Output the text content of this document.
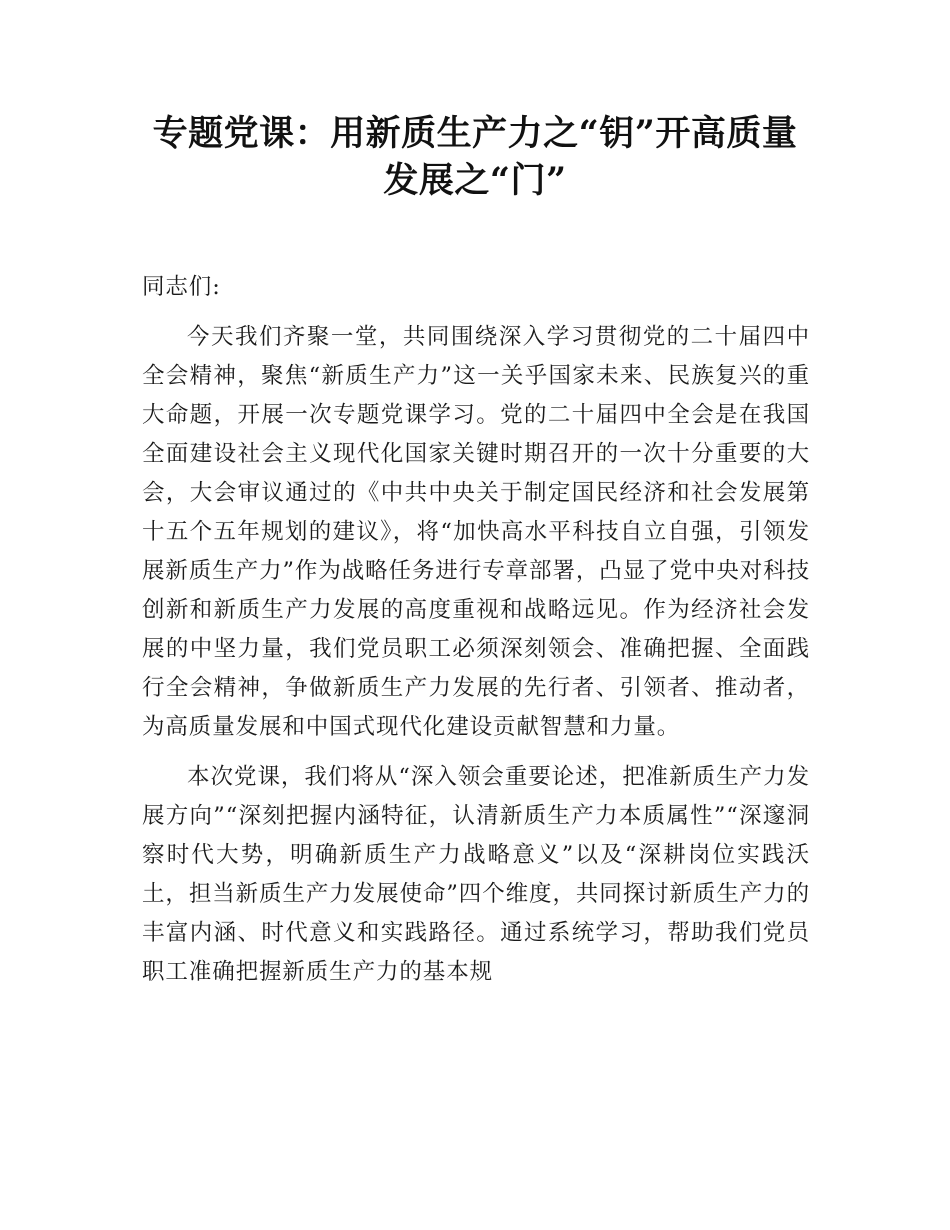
专题党课：用新质生产力之“钥”开高质量
发展之“门”

同志们:

今天我们齐聚一堂，共同围绕深入学习贯彻党的二十届四中全会精神，聚焦“新质生产力”这一关乎国家未来、民族复兴的重大命题，开展一次专题党课学习。党的二十届四中全会是在我国全面建设社会主义现代化国家关键时期召开的一次十分重要的大会，大会审议通过的《中共中央关于制定国民经济和社会发展第十五个五年规划的建议》，将“加快高水平科技自立自强，引领发展新质生产力”作为战略任务进行专章部署，凸显了党中央对科技创新和新质生产力发展的高度重视和战略远见。作为经济社会发展的中坚力量，我们党员职工必须深刻领会、准确把握、全面践行全会精神，争做新质生产力发展的先行者、引领者、推动者，为高质量发展和中国式现代化建设贡献智慧和力量。

本次党课，我们将从“深入领会重要论述，把准新质生产力发展方向”“深刻把握内涵特征，认清新质生产力本质属性”“深邃洞察时代大势，明确新质生产力战略意义”以及“深耕岗位实践沃土，担当新质生产力发展使命”四个维度，共同探讨新质生产力的丰富内涵、时代意义和实践路径。通过系统学习，帮助我们党员职工准确把握新质生产力的基本规
